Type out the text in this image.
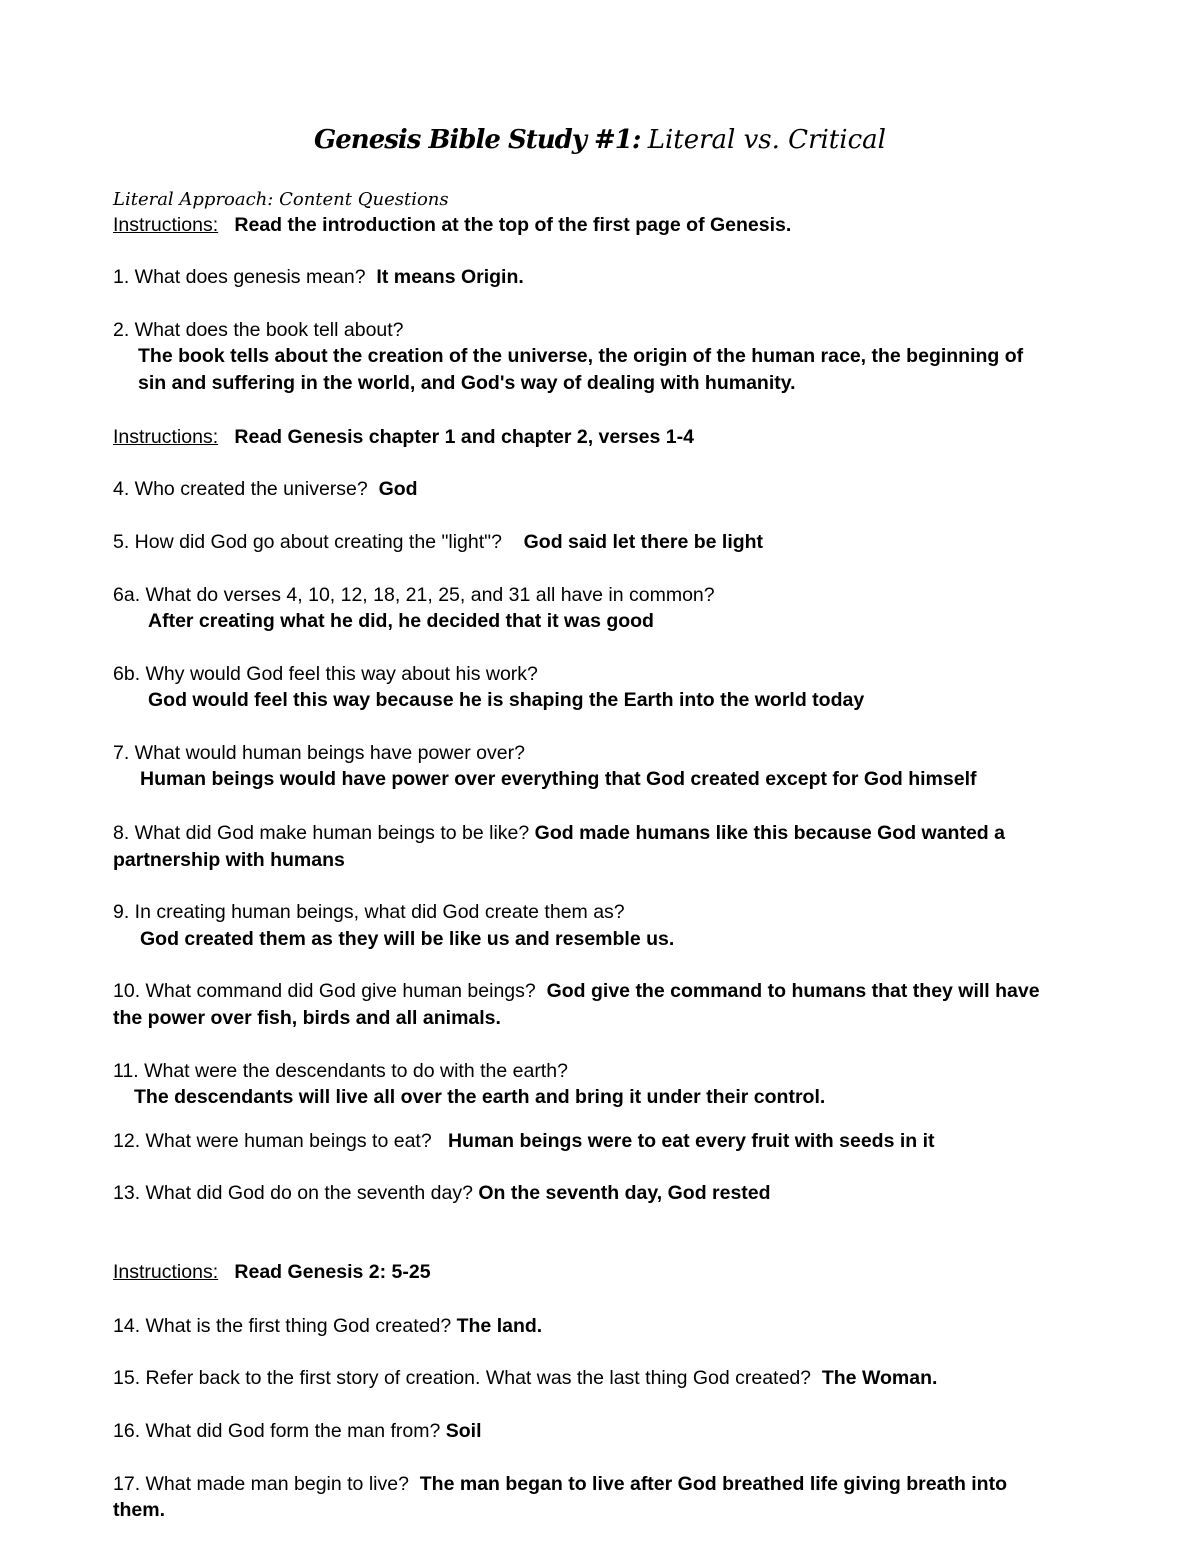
Genesis Bible Study #1: Literal vs. Critical
Literal Approach: Content Questions
Instructions: Read the introduction at the top of the first page of Genesis.
1. What does genesis mean? It means Origin.
2. What does the book tell about?
The book tells about the creation of the universe, the origin of the human race, the beginning of
sin and suffering in the world, and God's way of dealing with humanity.
Instructions: Read Genesis chapter 1 and chapter 2, verses 1-4
4. Who created the universe? God
5. How did God go about creating the "light"? God said let there be light
6a. What do verses 4, 10, 12, 18, 21, 25, and 31 all have in common?
After creating what he did, he decided that it was good
6b. Why would God feel this way about his work?
God would feel this way because he is shaping the Earth into the world today
7. What would human beings have power over?
Human beings would have power over everything that God created except for God himself
8. What did God make human beings to be like? God made humans like this because God wanted a
partnership with humans
9. In creating human beings, what did God create them as?
God created them as they will be like us and resemble us.
10. What command did God give human beings? God give the command to humans that they will have
the power over fish, birds and all animals.
11. What were the descendants to do with the earth?
The descendants will live all over the earth and bring it under their control.
12. What were human beings to eat? Human beings were to eat every fruit with seeds in it
13. What did God do on the seventh day? On the seventh day, God rested
Instructions: Read Genesis 2: 5-25
14. What is the first thing God created? The land.
15. Refer back to the first story of creation. What was the last thing God created? The Woman.
16. What did God form the man from? Soil
17. What made man begin to live? The man began to live after God breathed life giving breath into
them.
